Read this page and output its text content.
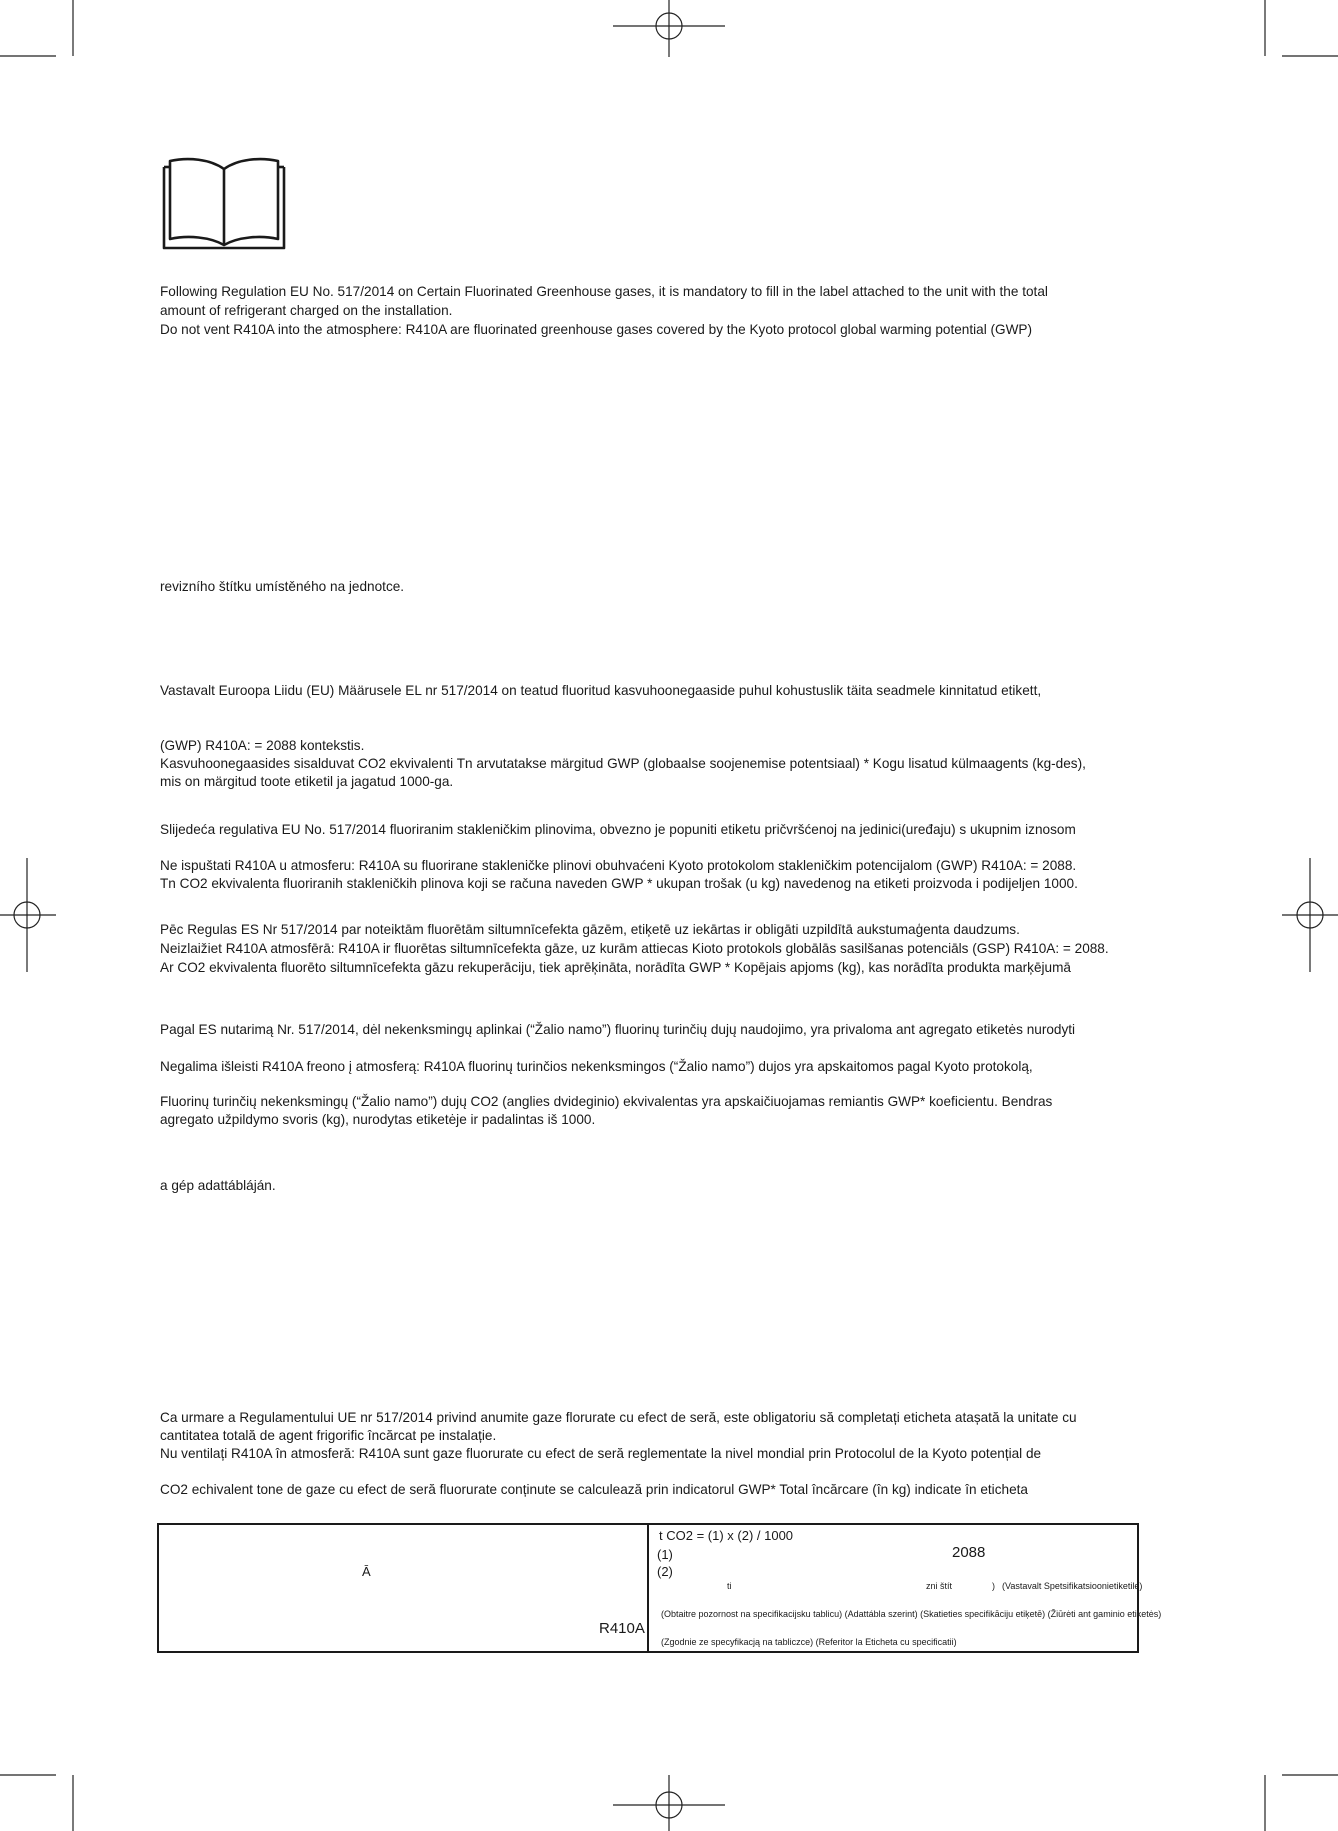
Following Regulation EU No. 517/2014 on Certain Fluorinated Greenhouse gases, it is mandatory to fill in the label attached to the unit with the total

amount of refrigerant charged on the installation.

Do not vent R410A into the atmosphere: R410A are fluorinated greenhouse gases covered by the Kyoto protocol global warming potential (GWP)

revizního štítku umístěného na jednotce.

Vastavalt Euroopa Liidu (EU) Määrusele EL nr 517/2014 on teatud fluoritud kasvuhoonegaaside puhul kohustuslik täita seadmele kinnitatud etikett,

(GWP) R410A: = 2088 kontekstis.

Kasvuhoonegaasides sisalduvat CO2 ekvivalenti Tn arvutatakse märgitud GWP (globaalse soojenemise potentsiaal) * Kogu lisatud külmaagents (kg-des),

mis on märgitud toote etiketil ja jagatud 1000-ga.

Slijedeća regulativa EU No. 517/2014 fluoriranim stakleničkim plinovima, obvezno je popuniti etiketu pričvršćenoj na jedinici(uređaju) s ukupnim iznosom

Ne ispuštati R410A u atmosferu: R410A su fluorirane stakleničke plinovi obuhvaćeni Kyoto protokolom stakleničkim potencijalom (GWP) R410A: = 2088.

Tn CO2 ekvivalenta fluoriranih stakleničkih plinova koji se računa naveden GWP * ukupan trošak (u kg) navedenog na etiketi proizvoda i podijeljen 1000.

Pēc Regulas ES Nr 517/2014 par noteiktām fluorētām siltumnīcefekta gāzēm, etiķetē uz iekārtas ir obligāti uzpildītā aukstumaģenta daudzums.

Neizlaižiet R410A atmosfērā: R410A ir fluorētas siltumnīcefekta gāze, uz kurām attiecas Kioto protokols globālās sasilšanas potenciāls (GSP) R410A: = 2088.

Ar CO2 ekvivalenta fluorēto siltumnīcefekta gāzu rekuperāciju, tiek aprēķināta, norādīta GWP * Kopējais apjoms (kg), kas norādīta produkta marķējumā

Pagal ES nutarimą Nr. 517/2014, dėl nekenksmingų aplinkai (“Žalio namo”) fluorinų turinčių dujų naudojimo, yra privaloma ant agregato etiketės nurodyti

Negalima išleisti R410A freono į atmosferą: R410A fluorinų turinčios nekenksmingos (“Žalio namo”) dujos yra apskaitomos pagal Kyoto protokolą,

Fluorinų turinčių nekenksmingų (“Žalio namo”) dujų CO2 (anglies dvideginio) ekvivalentas yra apskaičiuojamas remiantis GWP* koeficientu. Bendras

agregato užpildymo svoris (kg), nurodytas etiketėje ir padalintas iš 1000.

a gép adattábláján.

Ca urmare a Regulamentului UE nr 517/2014 privind anumite gaze florurate cu efect de seră, este obligatoriu să completați eticheta atașată la unitate cu

cantitatea totală de agent frigorific încărcat pe instalație.

Nu ventilați R410A în atmosferă: R410A sunt gaze fluorurate cu efect de seră reglementate la nivel mondial prin Protocolul de la Kyoto potențial de

CO2 echivalent tone de gaze cu efect de seră fluorurate conținute se calculează prin indicatorul GWP* Total încărcare (în kg) indicate în eticheta

Ā
R410A
t CO2 = (1) x (2) / 1000
(1)	2088
(2)
ti	zni štít	) (Vastavalt Spetsifikatsioonietiketile)
(Obtaitre pozornost na specifikacijsku tablicu) (Adattábla szerint) (Skatieties specifikāciju etiķetē) (Žiūrėti ant gaminio etiketės)
(Zgodnie ze specyfikacją na tabliczce) (Referitor la Eticheta cu specificatii)
